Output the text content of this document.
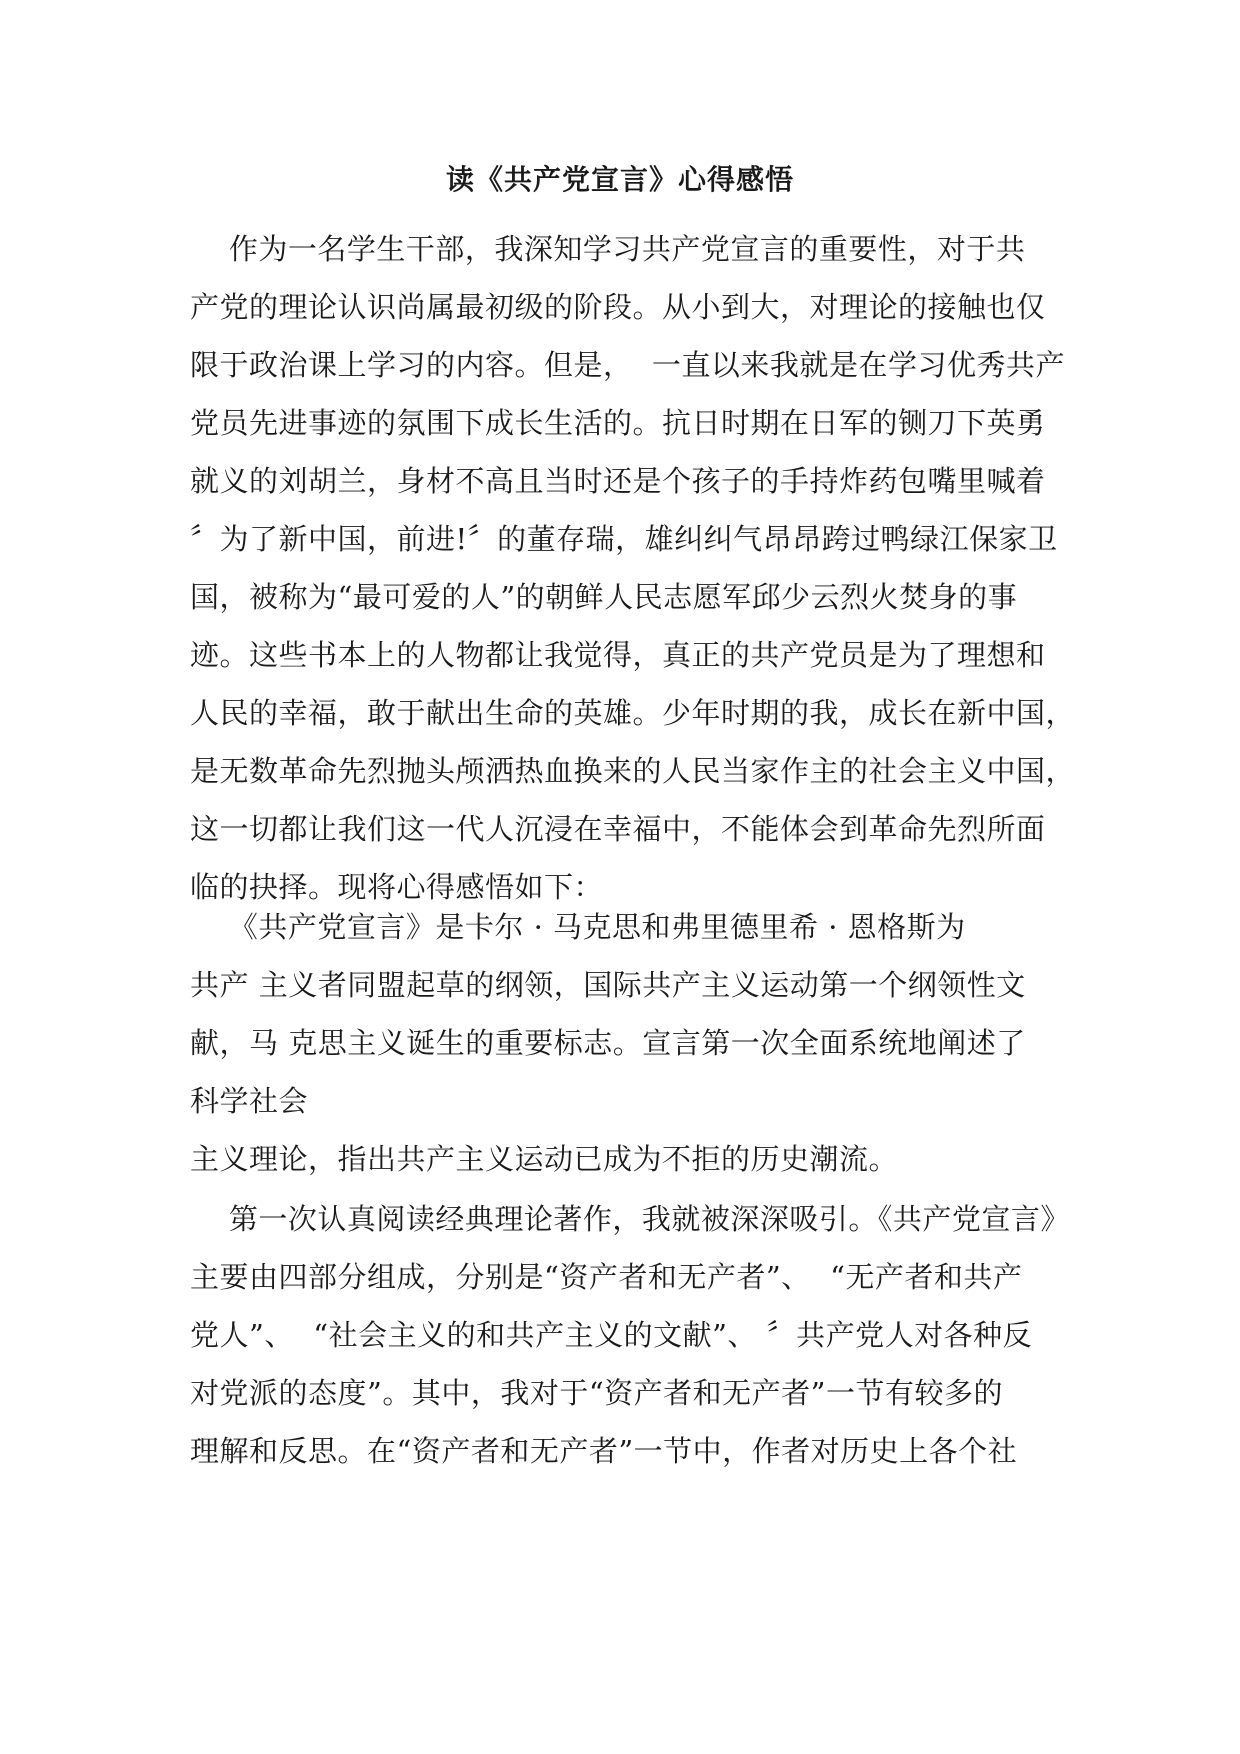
读《共产党宣言》心得感悟
作为一名学生干部，我深知学习共产党宣言的重要性，对于共
产党的理论认识尚属最初级的阶段。从小到大，对理论的接触也仅
限于政治课上学习的内容。但是，  一直以来我就是在学习优秀共产
党员先进事迹的氛围下成长生活的。抗日时期在日军的铡刀下英勇
就义的刘胡兰，身材不高且当时还是个孩子的手持炸药包嘴里喊着
〞为了新中国，前进!〞的董存瑞，雄纠纠气昂昂跨过鸭绿江保家卫
国，被称为“最可爱的人”的朝鲜人民志愿军邱少云烈火焚身的事
迹。这些书本上的人物都让我觉得，真正的共产党员是为了理想和
人民的幸福，敢于献出生命的英雄。少年时期的我，成长在新中国，
是无数革命先烈抛头颅洒热血换来的人民当家作主的社会主义中国，
这一切都让我们这一代人沉浸在幸福中，不能体会到革命先烈所面
临的抉择。现将心得感悟如下：
《共产党宣言》是卡尔 · 马克思和弗里德里希 · 恩格斯为
共产 主义者同盟起草的纲领，国际共产主义运动第一个纲领性文
献，马 克思主义诞生的重要标志。宣言第一次全面系统地阐述了
科学社会
主义理论，指出共产主义运动已成为不拒的历史潮流。
第一次认真阅读经典理论著作，我就被深深吸引。《共产党宣言》
主要由四部分组成，分别是“资产者和无产者”、  “无产者和共产
党人”、  “社会主义的和共产主义的文献”、 〞共产党人对各种反
对党派的态度”。其中，我对于“资产者和无产者”一节有较多的
理解和反思。在“资产者和无产者”一节中，作者对历史上各个社
